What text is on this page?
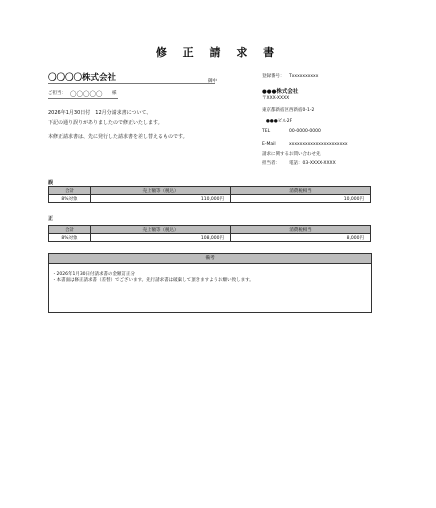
修 正 請 求 書
〇〇〇〇株式会社	御中
ご担当： 〇〇〇〇〇 様
2026年1月30日付　12月分請求書について、
下記の通り誤りがありましたので修正いたします。
本修正請求書は、先に発行した請求書を差し替えるものです。
登録番号： Txxxxxxxxxx
●●●株式会社
〒XXX-XXXX
東京都新宿区西新宿0-1-2
●●●ビル2F
TEL	00-0000-0000
E-Mail	xxxxxxxxxxxxxxxxxxxxxx
請求に関するお問い合わせ先
担当者： 電話：03-XXXX-XXXX
誤
合計	売上額等（税込）	消費税相当
8%対象	110,000円	10,000円
正
合計	売上額等（税込）	消費税相当
8%対象	108,000円	8,000円
備考
・2026年1月30日付請求書の金額訂正分
・本書面は修正請求書（差替）でございます。先行請求書は破棄して頂きますようお願い致します。
